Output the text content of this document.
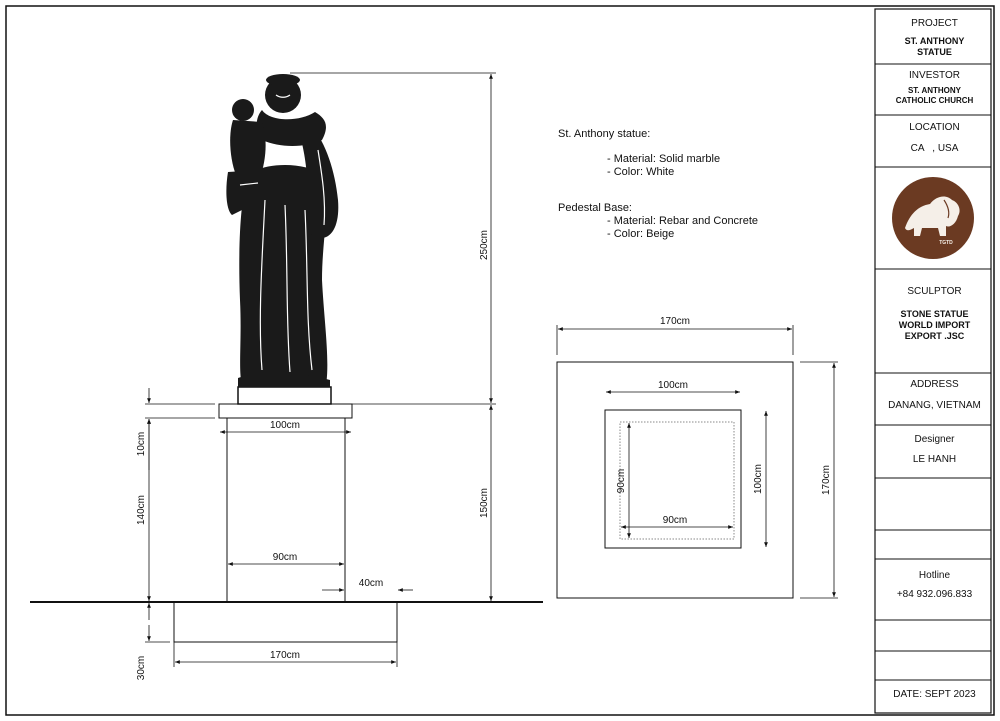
250cm
150cm
10cm
140cm
30cm
100cm
90cm
40cm
170cm
170cm
170cm
100cm
100cm
90cm
90cm
TGTD
St. Anthony statue:
- Material: Solid marble
- Color: White
Pedestal Base:
- Material: Rebar and Concrete
- Color: Beige
PROJECT
ST. ANTHONY
STATUE
INVESTOR
ST. ANTHONY
CATHOLIC CHURCH
LOCATION
CA   , USA
SCULPTOR
STONE STATUE
WORLD IMPORT
EXPORT .JSC
ADDRESS
DANANG, VIETNAM
Designer
LE HANH
Hotline
+84 932.096.833
DATE: SEPT 2023
